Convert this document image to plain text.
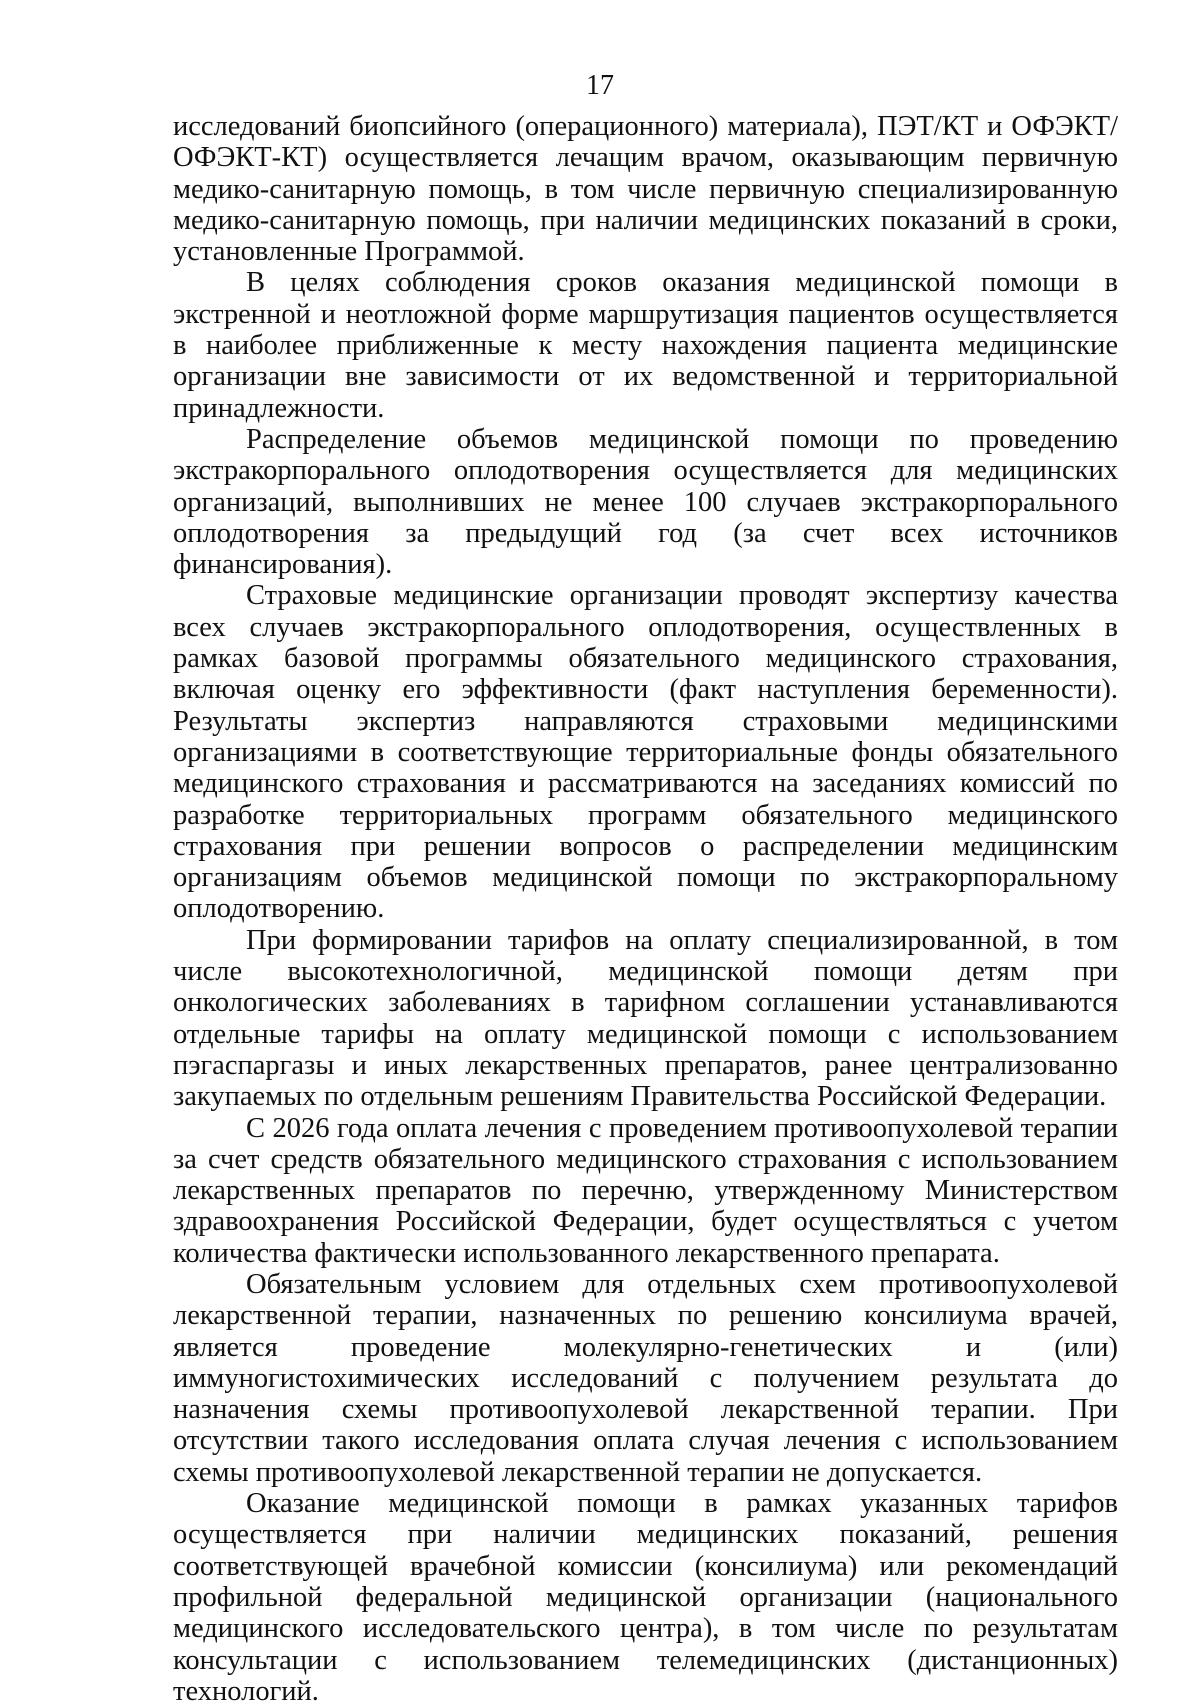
17

исследований биопсийного (операционного) материала), ПЭТ/КТ и ОФЭКТ/ ОФЭКТ-КТ) осуществляется лечащим врачом, оказывающим первичную медико-санитарную помощь, в том числе первичную специализированную медико-санитарную помощь, при наличии медицинских показаний в сроки, установленные Программой.

В целях соблюдения сроков оказания медицинской помощи в экстренной и неотложной форме маршрутизация пациентов осуществляется в наиболее приближенные к месту нахождения пациента медицинские организации вне зависимости от их ведомственной и территориальной принадлежности.

Распределение объемов медицинской помощи по проведению экстракорпорального оплодотворения осуществляется для медицинских организаций, выполнивших не менее 100 случаев экстракорпорального оплодотворения за предыдущий год (за счет всех источников финансирования).

Страховые медицинские организации проводят экспертизу качества всех случаев экстракорпорального оплодотворения, осуществленных в рамках базовой программы обязательного медицинского страхования, включая оценку его эффективности (факт наступления беременности). Результаты экспертиз направляются страховыми медицинскими организациями в соответствующие территориальные фонды обязательного медицинского страхования и рассматриваются на заседаниях комиссий по разработке территориальных программ обязательного медицинского страхования при решении вопросов о распределении медицинским организациям объемов медицинской помощи по экстракорпоральному оплодотворению.

При формировании тарифов на оплату специализированной, в том числе высокотехнологичной, медицинской помощи детям при онкологических заболеваниях в тарифном соглашении устанавливаются отдельные тарифы на оплату медицинской помощи с использованием пэгаспаргазы и иных лекарственных препаратов, ранее централизованно закупаемых по отдельным решениям Правительства Российской Федерации.

С 2026 года оплата лечения с проведением противоопухолевой терапии за счет средств обязательного медицинского страхования с использованием лекарственных препаратов по перечню, утвержденному Министерством здравоохранения Российской Федерации, будет осуществляться с учетом количества фактически использованного лекарственного препарата.

Обязательным условием для отдельных схем противоопухолевой лекарственной терапии, назначенных по решению консилиума врачей, является проведение молекулярно-генетических и (или) иммуногистохимических исследований с получением результата до назначения схемы противоопухолевой лекарственной терапии. При отсутствии такого исследования оплата случая лечения с использованием схемы противоопухолевой лекарственной терапии не допускается.

Оказание медицинской помощи в рамках указанных тарифов осуществляется при наличии медицинских показаний, решения соответствующей врачебной комиссии (консилиума) или рекомендаций профильной федеральной медицинской организации (национального медицинского исследовательского центра), в том числе по результатам консультации с использованием телемедицинских (дистанционных) технологий.
